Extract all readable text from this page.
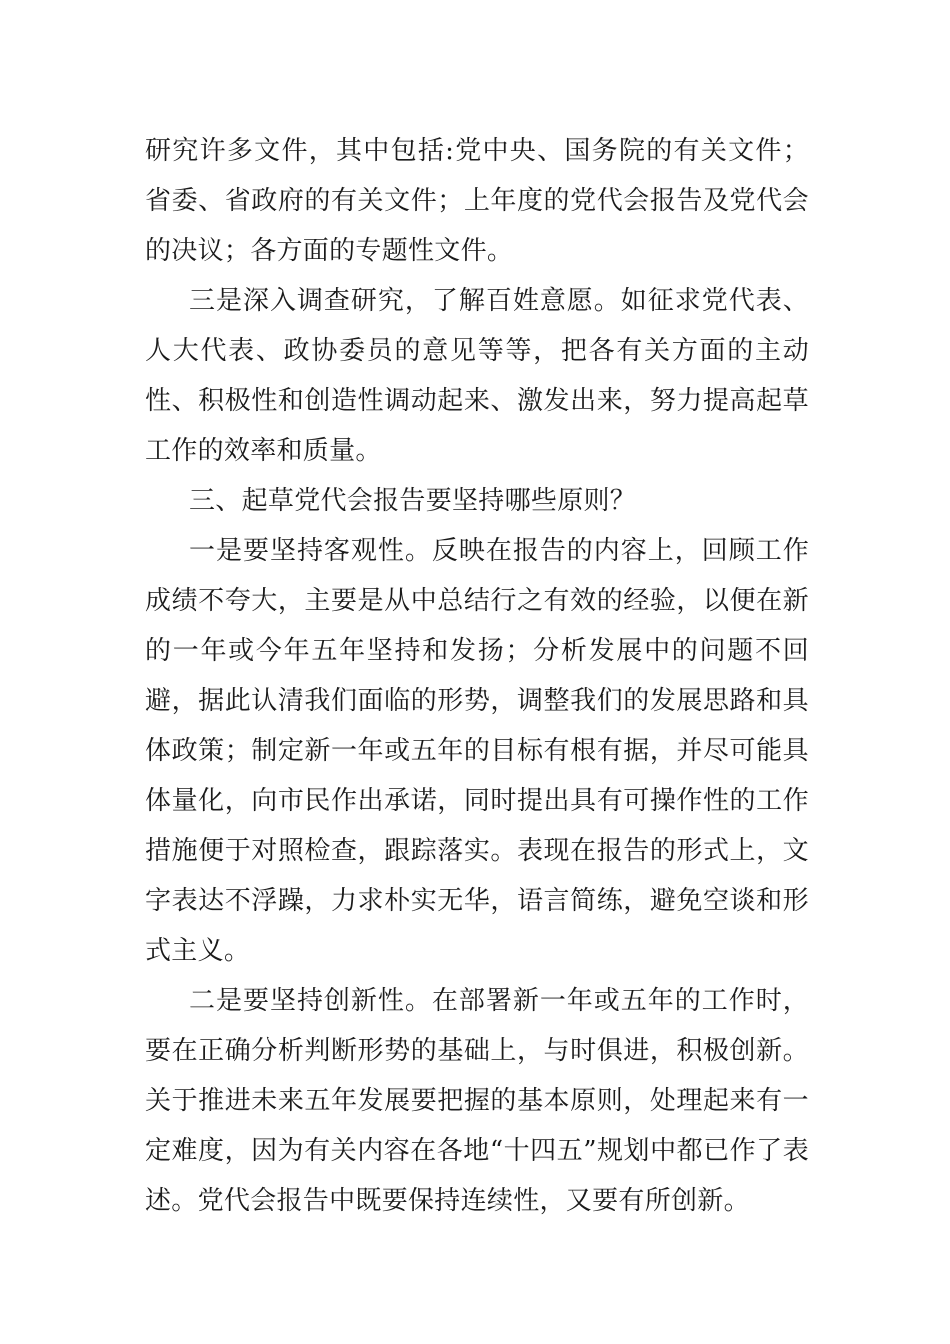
研究许多文件，其中包括:党中央、国务院的有关文件；省委、省政府的有关文件；上年度的党代会报告及党代会的决议；各方面的专题性文件。

三是深入调查研究，了解百姓意愿。如征求党代表、人大代表、政协委员的意见等等，把各有关方面的主动性、积极性和创造性调动起来、激发出来，努力提高起草工作的效率和质量。

三、起草党代会报告要坚持哪些原则？

一是要坚持客观性。反映在报告的内容上，回顾工作成绩不夸大，主要是从中总结行之有效的经验，以便在新的一年或今年五年坚持和发扬；分析发展中的问题不回避，据此认清我们面临的形势，调整我们的发展思路和具体政策；制定新一年或五年的目标有根有据，并尽可能具体量化，向市民作出承诺，同时提出具有可操作性的工作措施便于对照检查，跟踪落实。表现在报告的形式上，文字表达不浮躁，力求朴实无华，语言简练，避免空谈和形式主义。

二是要坚持创新性。在部署新一年或五年的工作时，要在正确分析判断形势的基础上，与时俱进，积极创新。关于推进未来五年发展要把握的基本原则，处理起来有一定难度，因为有关内容在各地“十四五”规划中都已作了表述。党代会报告中既要保持连续性，又要有所创新。
